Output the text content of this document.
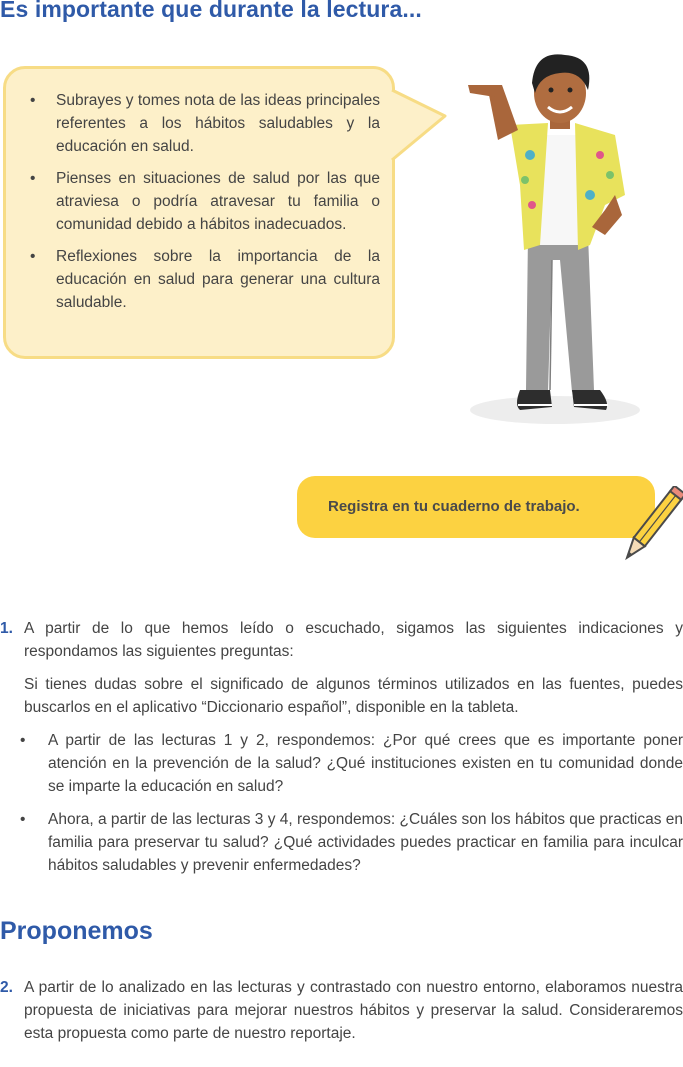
Es importante que durante la lectura...
• Subrayes y tomes nota de las ideas principales referentes a los hábitos saludables y la educación en salud.
• Pienses en situaciones de salud por las que atraviesa o podría atravesar tu familia o comunidad debido a hábitos inadecuados.
• Reflexiones sobre la importancia de la educación en salud para generar una cultura saludable.
Registra en tu cuaderno de trabajo.
1. A partir de lo que hemos leído o escuchado, sigamos las siguientes indicaciones y respondamos las siguientes preguntas:
Si tienes dudas sobre el significado de algunos términos utilizados en las fuentes, puedes buscarlos en el aplicativo “Diccionario español”, disponible en la tableta.
• A partir de las lecturas 1 y 2, respondemos: ¿Por qué crees que es importante poner atención en la prevención de la salud? ¿Qué instituciones existen en tu comunidad donde se imparte la educación en salud?
• Ahora, a partir de las lecturas 3 y 4, respondemos: ¿Cuáles son los hábitos que practicas en familia para preservar tu salud? ¿Qué actividades puedes practicar en familia para inculcar hábitos saludables y prevenir enfermedades?
Proponemos
2. A partir de lo analizado en las lecturas y contrastado con nuestro entorno, elaboramos nuestra propuesta de iniciativas para mejorar nuestros hábitos y preservar la salud. Consideraremos esta propuesta como parte de nuestro reportaje.
